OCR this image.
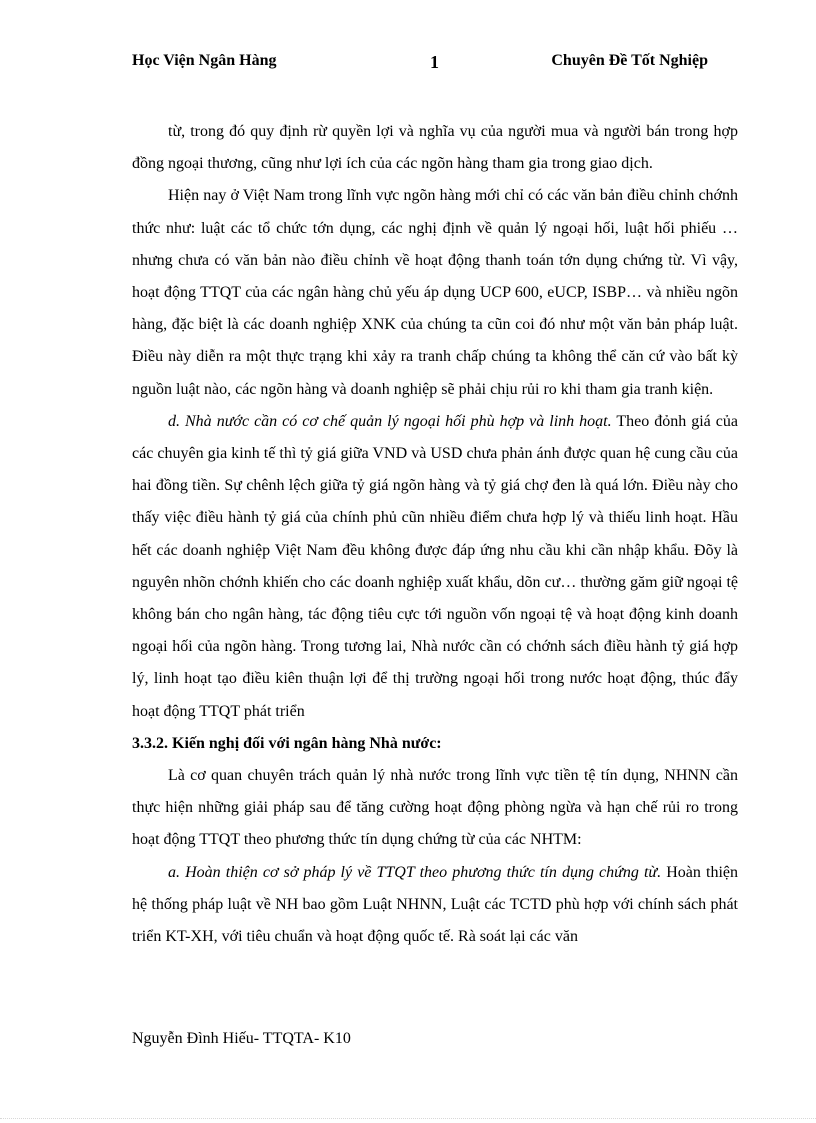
Học Viện Ngân Hàng	1	Chuyên Đề Tốt Nghiệp

từ, trong đó quy định rừ quyền lợi và nghĩa vụ của người mua và người bán trong hợp đồng ngoại thương, cũng như lợi ích của các ngõn hàng tham gia trong giao dịch.

Hiện nay ở Việt Nam trong lĩnh vực ngõn hàng mới chỉ có các văn bản điều chỉnh chớnh thức như: luật các tổ chức tớn dụng, các nghị định về quản lý ngoại hối, luật hối phiếu … nhưng chưa có văn bản nào điều chỉnh về hoạt động thanh toán tớn dụng chứng từ. Vì vậy, hoạt động TTQT của các ngân hàng chủ yếu áp dụng UCP 600, eUCP, ISBP… và nhiều ngõn hàng, đặc biệt là các doanh nghiệp XNK của chúng ta cũn coi đó như một văn bản pháp luật. Điều này diễn ra một thực trạng khi xảy ra tranh chấp chúng ta không thể căn cứ vào bất kỳ nguồn luật nào, các ngõn hàng và doanh nghiệp sẽ phải chịu rủi ro khi tham gia tranh kiện.

d. Nhà nước cần có cơ chế quản lý ngoại hối phù hợp và linh hoạt. Theo đỏnh giá của các chuyên gia kinh tế thì tỷ giá giữa VND và USD chưa phản ánh được quan hệ cung cầu của hai đồng tiền. Sự chênh lệch giữa tỷ giá ngõn hàng và tỷ giá chợ đen là quá lớn. Điều này cho thấy việc điều hành tỷ giá của chính phủ cũn nhiều điểm chưa hợp lý và thiếu linh hoạt. Hầu hết các doanh nghiệp Việt Nam đều không được đáp ứng nhu cầu khi cần nhập khẩu. Đõy là nguyên nhõn chớnh khiến cho các doanh nghiệp xuất khẩu, dõn cư… thường găm giữ ngoại tệ không bán cho ngân hàng, tác động tiêu cực tới nguồn vốn ngoại tệ và hoạt động kinh doanh ngoại hối của ngõn hàng. Trong tương lai, Nhà nước cần có chớnh sách điều hành tỷ giá hợp lý, linh hoạt tạo điều kiên thuận lợi để thị trường ngoại hối trong nước hoạt động, thúc đẩy hoạt động TTQT phát triển

3.3.2. Kiến nghị đối với ngân hàng Nhà nước:

Là cơ quan chuyên trách quản lý nhà nước trong lĩnh vực tiền tệ tín dụng, NHNN cần thực hiện những giải pháp sau để tăng cường hoạt động phòng ngừa và hạn chế rủi ro trong hoạt động TTQT theo phương thức tín dụng chứng từ của các NHTM:

a. Hoàn thiện cơ sở pháp lý về TTQT theo phương thức tín dụng chứng từ. Hoàn thiện hệ thống pháp luật về NH bao gồm Luật NHNN, Luật các TCTD phù hợp với chính sách phát triển KT-XH, với tiêu chuẩn và hoạt động quốc tế. Rà soát lại các văn

Nguyễn Đình Hiếu- TTQTA- K10
